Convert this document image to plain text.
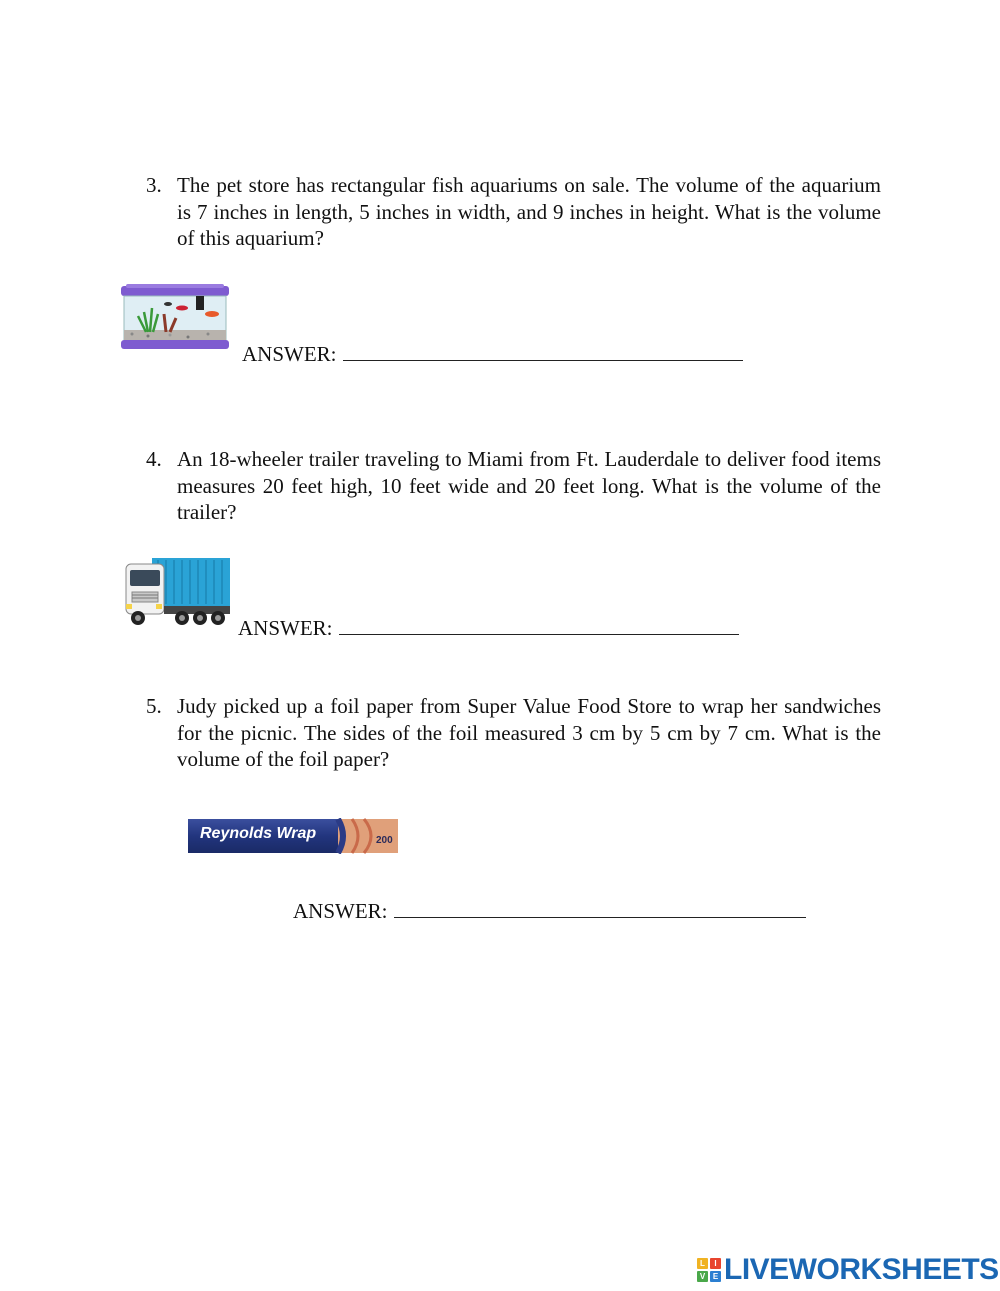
3. The pet store has rectangular fish aquariums on sale. The volume of the aquarium is 7 inches in length, 5 inches in width, and 9 inches in height. What is the volume of this aquarium?
ANSWER:
4. An 18-wheeler trailer traveling to Miami from Ft. Lauderdale to deliver food items measures 20 feet high, 10 feet wide and 20 feet long. What is the volume of the trailer?
ANSWER:
5. Judy picked up a foil paper from Super Value Food Store to wrap her sandwiches for the picnic. The sides of the foil measured 3 cm by 5 cm by 7 cm. What is the volume of the foil paper?
Reynolds Wrap	200
ANSWER:
L	I
V E LIVEWORKSHEETS
